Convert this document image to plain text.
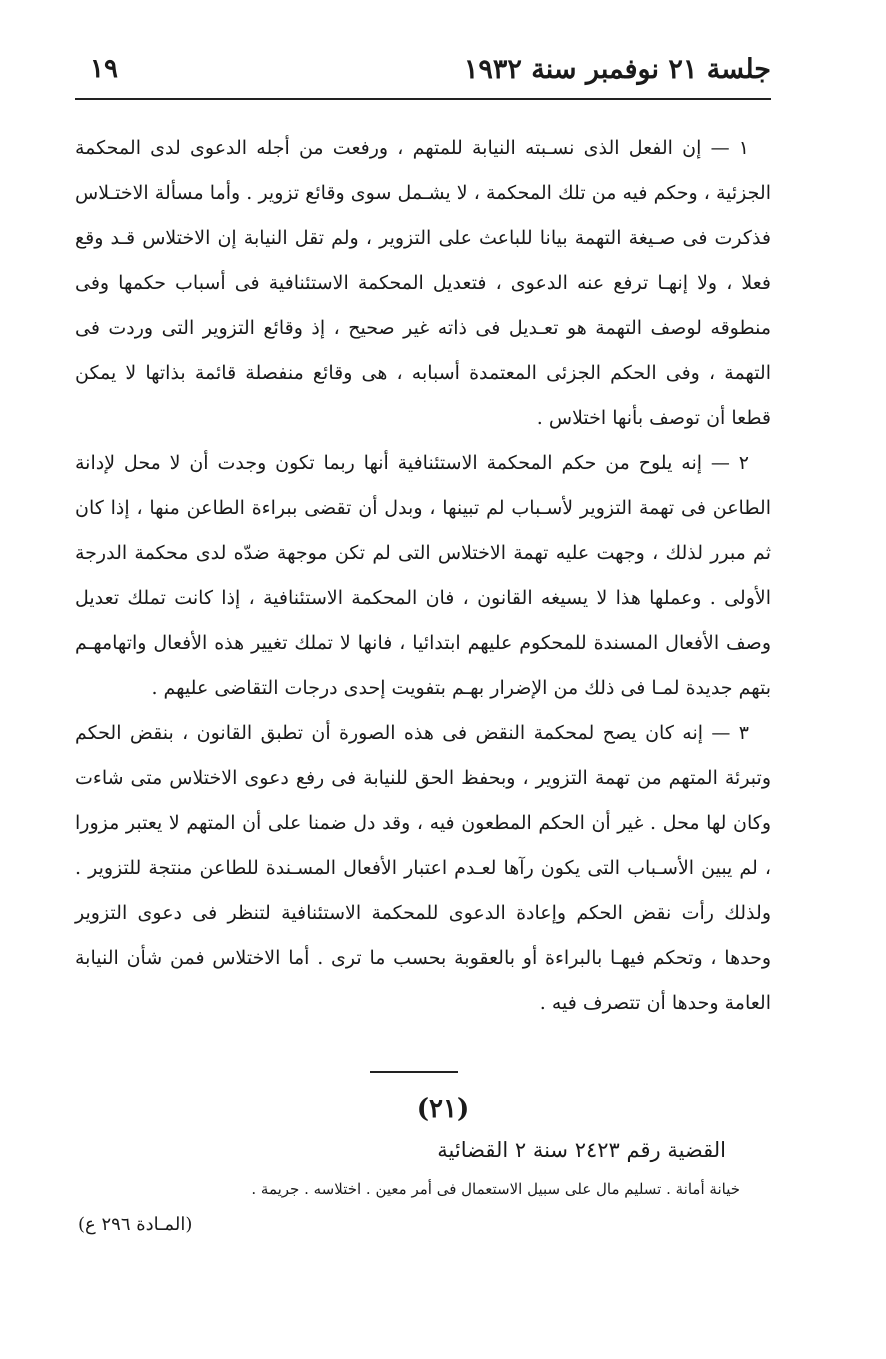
جلسة ٢١ نوفمبر سنة ١٩٣٢
١٩

١ — إن الفعل الذى نسـبته النيابة للمتهم ، ورفعت من أجله الدعوى لدى المحكمة الجزئية ، وحكم فيه من تلك المحكمة ، لا يشـمل سوى وقائع تزوير . وأما مسألة الاختـلاس فذكرت فى صـيغة التهمة بيانا للباعث على التزوير ، ولم تقل النيابة إن الاختلاس قـد وقع فعلا ، ولا إنهـا ترفع عنه الدعوى ، فتعديل المحكمة الاستئنافية فى أسباب حكمها وفى منطوقه لوصف التهمة هو تعـديل فى ذاته غير صحيح ، إذ وقائع التزوير التى وردت فى التهمة ، وفى الحكم الجزئى المعتمدة أسبابه ، هى وقائع منفصلة قائمة بذاتها لا يمكن قطعا أن توصف بأنها اختلاس .

٢ — إنه يلوح من حكم المحكمة الاستئنافية أنها ربما تكون وجدت أن لا محل لإدانة الطاعن فى تهمة التزوير لأسـباب لم تبينها ، وبدل أن تقضى ببراءة الطاعن منها ، إذا كان ثم مبرر لذلك ، وجهت عليه تهمة الاختلاس التى لم تكن موجهة ضدّه لدى محكمة الدرجة الأولى . وعملها هذا لا يسيغه القانون ، فان المحكمة الاستئنافية ، إذا كانت تملك تعديل وصف الأفعال المسندة للمحكوم عليهم ابتدائيا ، فانها لا تملك تغيير هذه الأفعال واتهامهـم بتهم جديدة لمـا فى ذلك من الإضرار بهـم بتفويت إحدى درجات التقاضى عليهم .

٣ — إنه كان يصح لمحكمة النقض فى هذه الصورة أن تطبق القانون ، بنقض الحكم وتبرئة المتهم من تهمة التزوير ، وبحفظ الحق للنيابة فى رفع دعوى الاختلاس متى شاءت وكان لها محل . غير أن الحكم المطعون فيه ، وقد دل ضمنا على أن المتهم لا يعتبر مزورا ، لم يبين الأسـباب التى يكون رآها لعـدم اعتبار الأفعال المسـندة للطاعن منتجة للتزوير . ولذلك رأت نقض الحكم وإعادة الدعوى للمحكمة الاستئنافية لتنظر فى دعوى التزوير وحدها ، وتحكم فيهـا بالبراءة أو بالعقوبة بحسب ما ترى . أما الاختلاس فمن شأن النيابة العامة وحدها أن تتصرف فيه .

(٢١)
القضية رقم ٢٤٢٣ سنة ٢ القضائية
خيانة أمانة . تسليم مال على سبيل الاستعمال فى أمر معين . اختلاسه . جريمة .
(المـادة ٢٩٦ ع)
